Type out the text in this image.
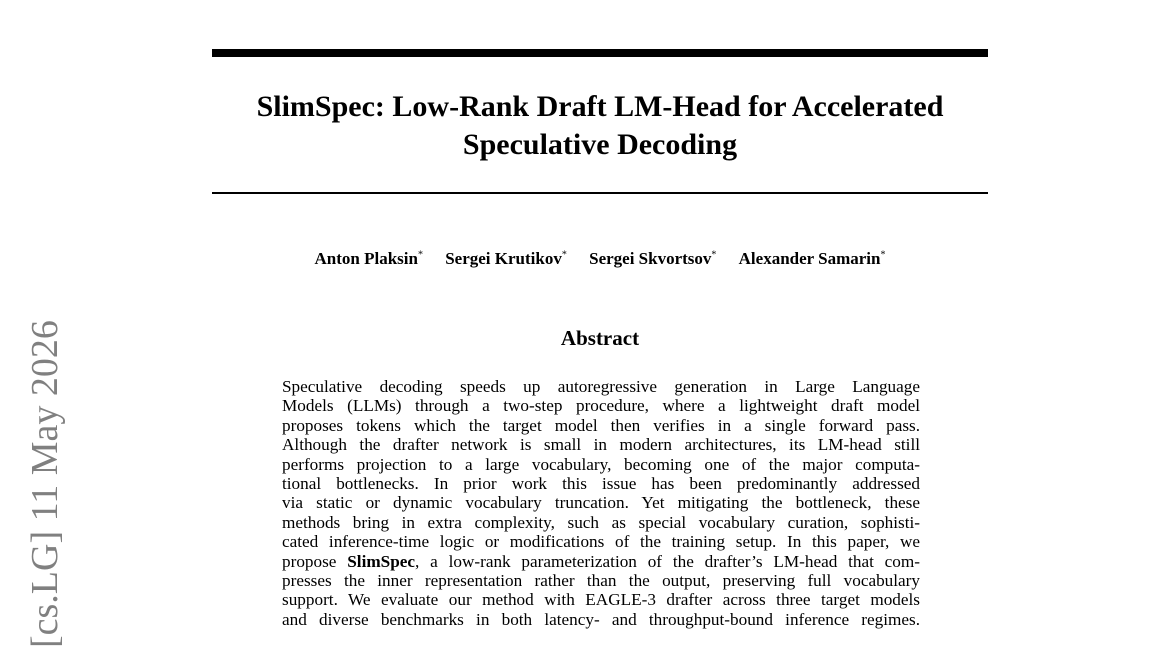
SlimSpec: Low-Rank Draft LM-Head for Accelerated
Speculative Decoding
Anton Plaksin* Sergei Krutikov* Sergei Skvortsov* Alexander Samarin*
Abstract
Speculative decoding speeds up autoregressive generation in Large Language
Models (LLMs) through a two-step procedure, where a lightweight draft model
proposes tokens which the target model then verifies in a single forward pass.
Although the drafter network is small in modern architectures, its LM-head still
performs projection to a large vocabulary, becoming one of the major computa-
tional bottlenecks. In prior work this issue has been predominantly addressed
via static or dynamic vocabulary truncation. Yet mitigating the bottleneck, these
methods bring in extra complexity, such as special vocabulary curation, sophisti-
cated inference-time logic or modifications of the training setup. In this paper, we
propose SlimSpec, a low-rank parameterization of the drafter’s LM-head that com-
presses the inner representation rather than the output, preserving full vocabulary
support. We evaluate our method with EAGLE-3 drafter across three target models
and diverse benchmarks in both latency- and throughput-bound inference regimes.
[cs.LG] 11 May 2026
